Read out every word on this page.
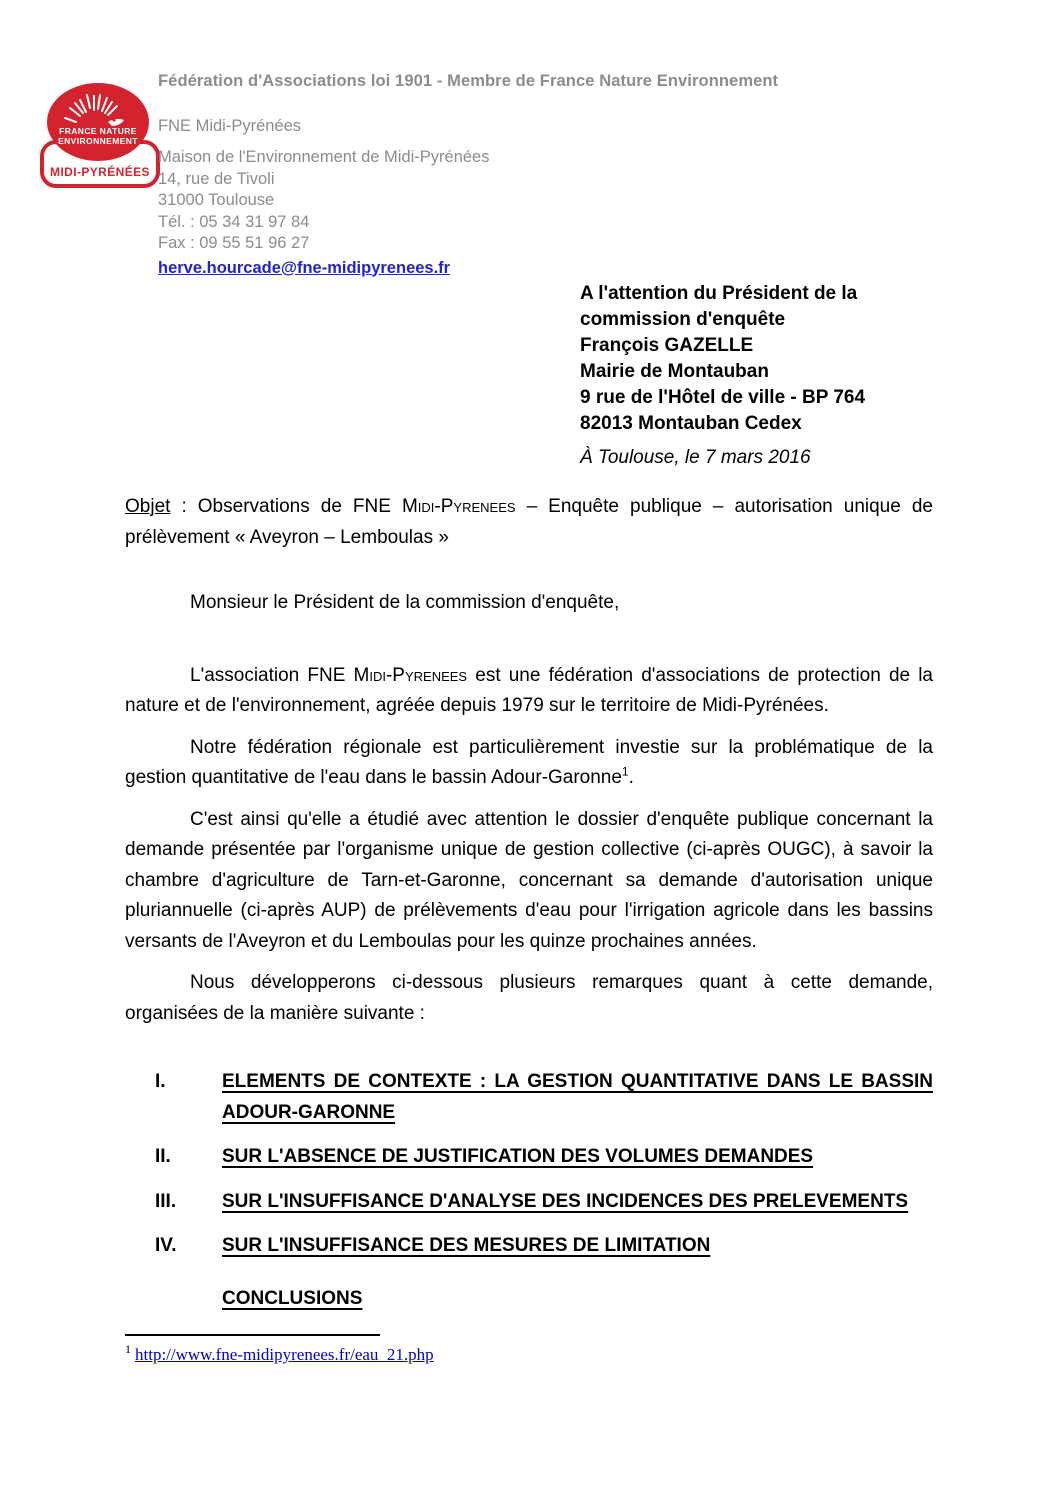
FRANCE NATURE
ENVIRONNEMENT
MIDI-PYRÉNÉES

Fédération d'Associations loi 1901 - Membre de France Nature Environnement

FNE Midi-Pyrénées

Maison de l'Environnement de Midi-Pyrénées
14, rue de Tivoli
31000 Toulouse
Tél. : 05 34 31 97 84
Fax : 09 55 51 96 27
herve.hourcade@fne-midipyrenees.fr
A l'attention du Président de la
commission d'enquête
François GAZELLE
Mairie de Montauban
9 rue de l'Hôtel de ville - BP 764
82013 Montauban Cedex
À Toulouse, le 7 mars 2016

Objet : Observations de FNE Midi-Pyrenees – Enquête publique – autorisation unique de prélèvement « Aveyron – Lemboulas »

Monsieur le Président de la commission d'enquête,

L'association FNE Midi-Pyrenees est une fédération d'associations de protection de la nature et de l'environnement, agréée depuis 1979 sur le territoire de Midi-Pyrénées.

Notre fédération régionale est particulièrement investie sur la problématique de la gestion quantitative de l'eau dans le bassin Adour-Garonne$^1$.

C'est ainsi qu'elle a étudié avec attention le dossier d'enquête publique concernant la demande présentée par l'organisme unique de gestion collective (ci-après OUGC), à savoir la chambre d'agriculture de Tarn-et-Garonne, concernant sa demande d'autorisation unique pluriannuelle (ci-après AUP) de prélèvements d'eau pour l'irrigation agricole dans les bassins versants de l'Aveyron et du Lemboulas pour les quinze prochaines années.

Nous développerons ci-dessous plusieurs remarques quant à cette demande, organisées de la manière suivante :

I.	ELEMENTS DE CONTEXTE : LA GESTION QUANTITATIVE DANS LE BASSIN ADOUR-GARONNE
II.	SUR L'ABSENCE DE JUSTIFICATION DES VOLUMES DEMANDES
III.	SUR L'INSUFFISANCE D'ANALYSE DES INCIDENCES DES PRELEVEMENTS
IV.	SUR L'INSUFFISANCE DES MESURES DE LIMITATION
CONCLUSIONS
$^1$ http://www.fne-midipyrenees.fr/eau_21.php
